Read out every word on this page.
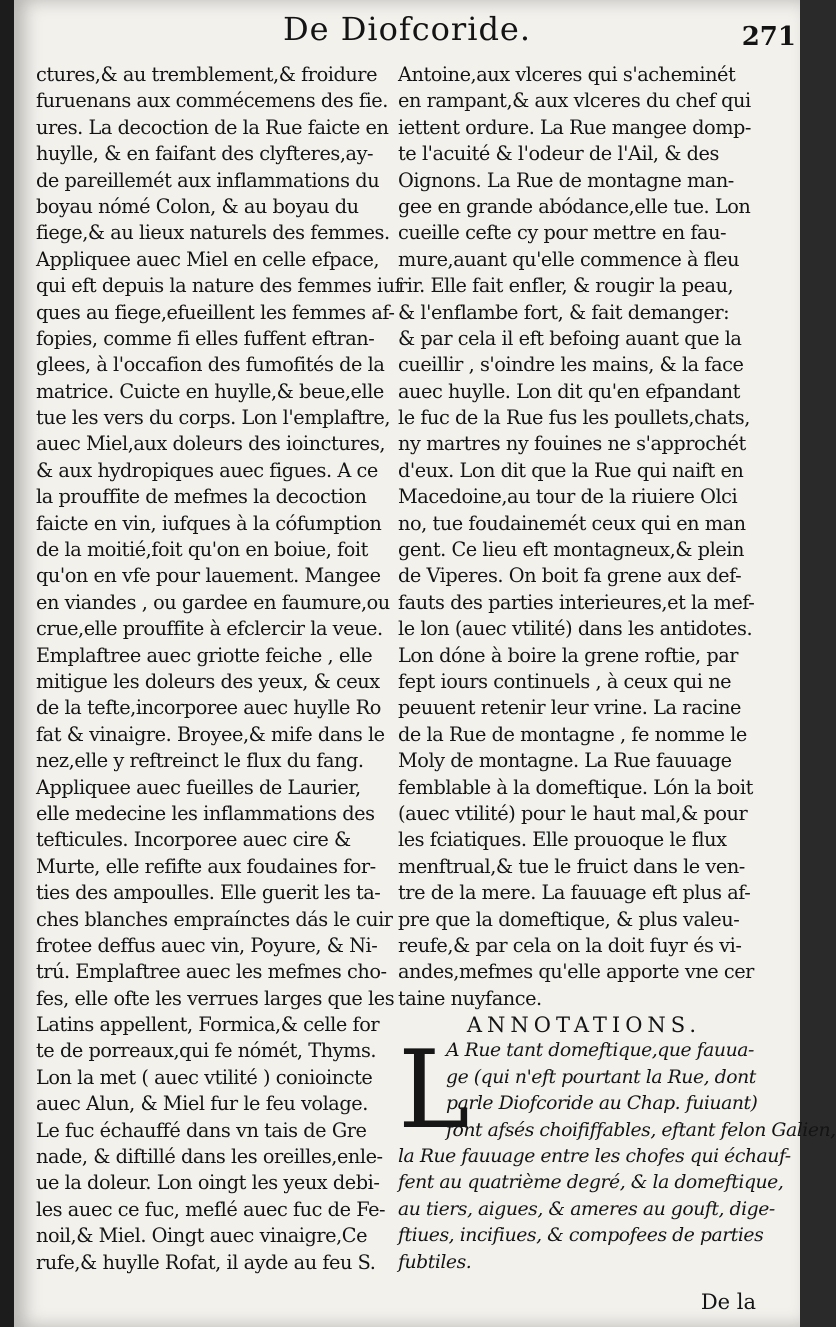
De Diofcoride.	271
ctures,& au tremblement,& froidure
furuenans aux commécemens des fie.
ures. La decoction de la Rue faicte en
huylle, & en faifant des clyfteres,ay-
de pareillemét aux inflammations du
boyau nómé Colon, & au boyau du
fiege,& au lieux naturels des femmes.
Appliquee auec Miel en celle efpace,
qui eft depuis la nature des femmes iuf
ques au fiege,efueillent les femmes af-
fopies, comme fi elles fuffent eftran-
glees, à l'occafion des fumofités de la
matrice. Cuicte en huylle,& beue,elle
tue les vers du corps. Lon l'emplaftre,
auec Miel,aux doleurs des ioinctures,
& aux hydropiques auec figues. A ce
la prouffite de mefmes la decoction
faicte en vin, iufques à la cófumption
de la moitié,foit qu'on en boiue, foit
qu'on en vfe pour lauement. Mangee
en viandes , ou gardee en faumure,ou
crue,elle prouffite à efclercir la veue.
Emplaftree auec griotte feiche , elle
mitigue les doleurs des yeux, & ceux
de la tefte,incorporee auec huylle Ro
fat & vinaigre. Broyee,& mife dans le
nez,elle y reftreinct le flux du fang.
Appliquee auec fueilles de Laurier,
elle medecine les inflammations des
tefticules. Incorporee auec cire &
Murte, elle refifte aux foudaines for-
ties des ampoulles. Elle guerit les ta-
ches blanches empraínctes dás le cuir
frotee deffus auec vin, Poyure, & Ni-
trú. Emplaftree auec les mefmes cho-
fes, elle ofte les verrues larges que les
Latins appellent, Formica,& celle for
te de porreaux,qui fe nómét, Thyms.
Lon la met ( auec vtilité ) conioincte
auec Alun, & Miel fur le feu volage.
Le fuc échauffé dans vn tais de Gre
nade, & diftillé dans les oreilles,enle-
ue la doleur. Lon oingt les yeux debi-
les auec ce fuc, meflé auec fuc de Fe-
noil,& Miel. Oingt auec vinaigre,Ce
rufe,& huylle Rofat, il ayde au feu S.
Antoine,aux vlceres qui s'acheminét
en rampant,& aux vlceres du chef qui
iettent ordure. La Rue mangee domp-
te l'acuité & l'odeur de l'Ail, & des
Oignons. La Rue de montagne man-
gee en grande abódance,elle tue. Lon
cueille cefte cy pour mettre en fau-
mure,auant qu'elle commence à fleu
rir. Elle fait enfler, & rougir la peau,
& l'enflambe fort, & fait demanger:
& par cela il eft befoing auant que la
cueillir , s'oindre les mains, & la face
auec huylle. Lon dit qu'en efpandant
le fuc de la Rue fus les poullets,chats,
ny martres ny fouines ne s'approchét
d'eux. Lon dit que la Rue qui naift en
Macedoine,au tour de la riuiere Olci
no, tue foudainemét ceux qui en man
gent. Ce lieu eft montagneux,& plein
de Viperes. On boit fa grene aux def-
fauts des parties interieures,et la mef-
le lon (auec vtilité) dans les antidotes.
Lon dóne à boire la grene roftie, par
fept iours continuels , à ceux qui ne
peuuent retenir leur vrine. La racine
de la Rue de montagne , fe nomme le
Moly de montagne. La Rue fauuage
femblable à la domeftique. Lón la boit
(auec vtilité) pour le haut mal,& pour
les fciatiques. Elle prouoque le flux
menftrual,& tue le fruict dans le ven-
tre de la mere. La fauuage eft plus af-
pre que la domeftique, & plus valeu-
reufe,& par cela on la doit fuyr és vi-
andes,mefmes qu'elle apporte vne cer
taine nuyfance.
ANNOTATIONS.
L
A Rue tant domeftique,que fauua-
ge (qui n'eft pourtant la Rue, dont
parle Diofcoride au Chap. fuiuant)
font afsés choififfables, eftant felon Galien,
la Rue fauuage entre les chofes qui échauf-
fent au quatrième degré, & la domeftique,
au tiers, aigues, & ameres au gouft, dige-
ftiues, incifiues, & compofees de parties
fubtiles.
De la
